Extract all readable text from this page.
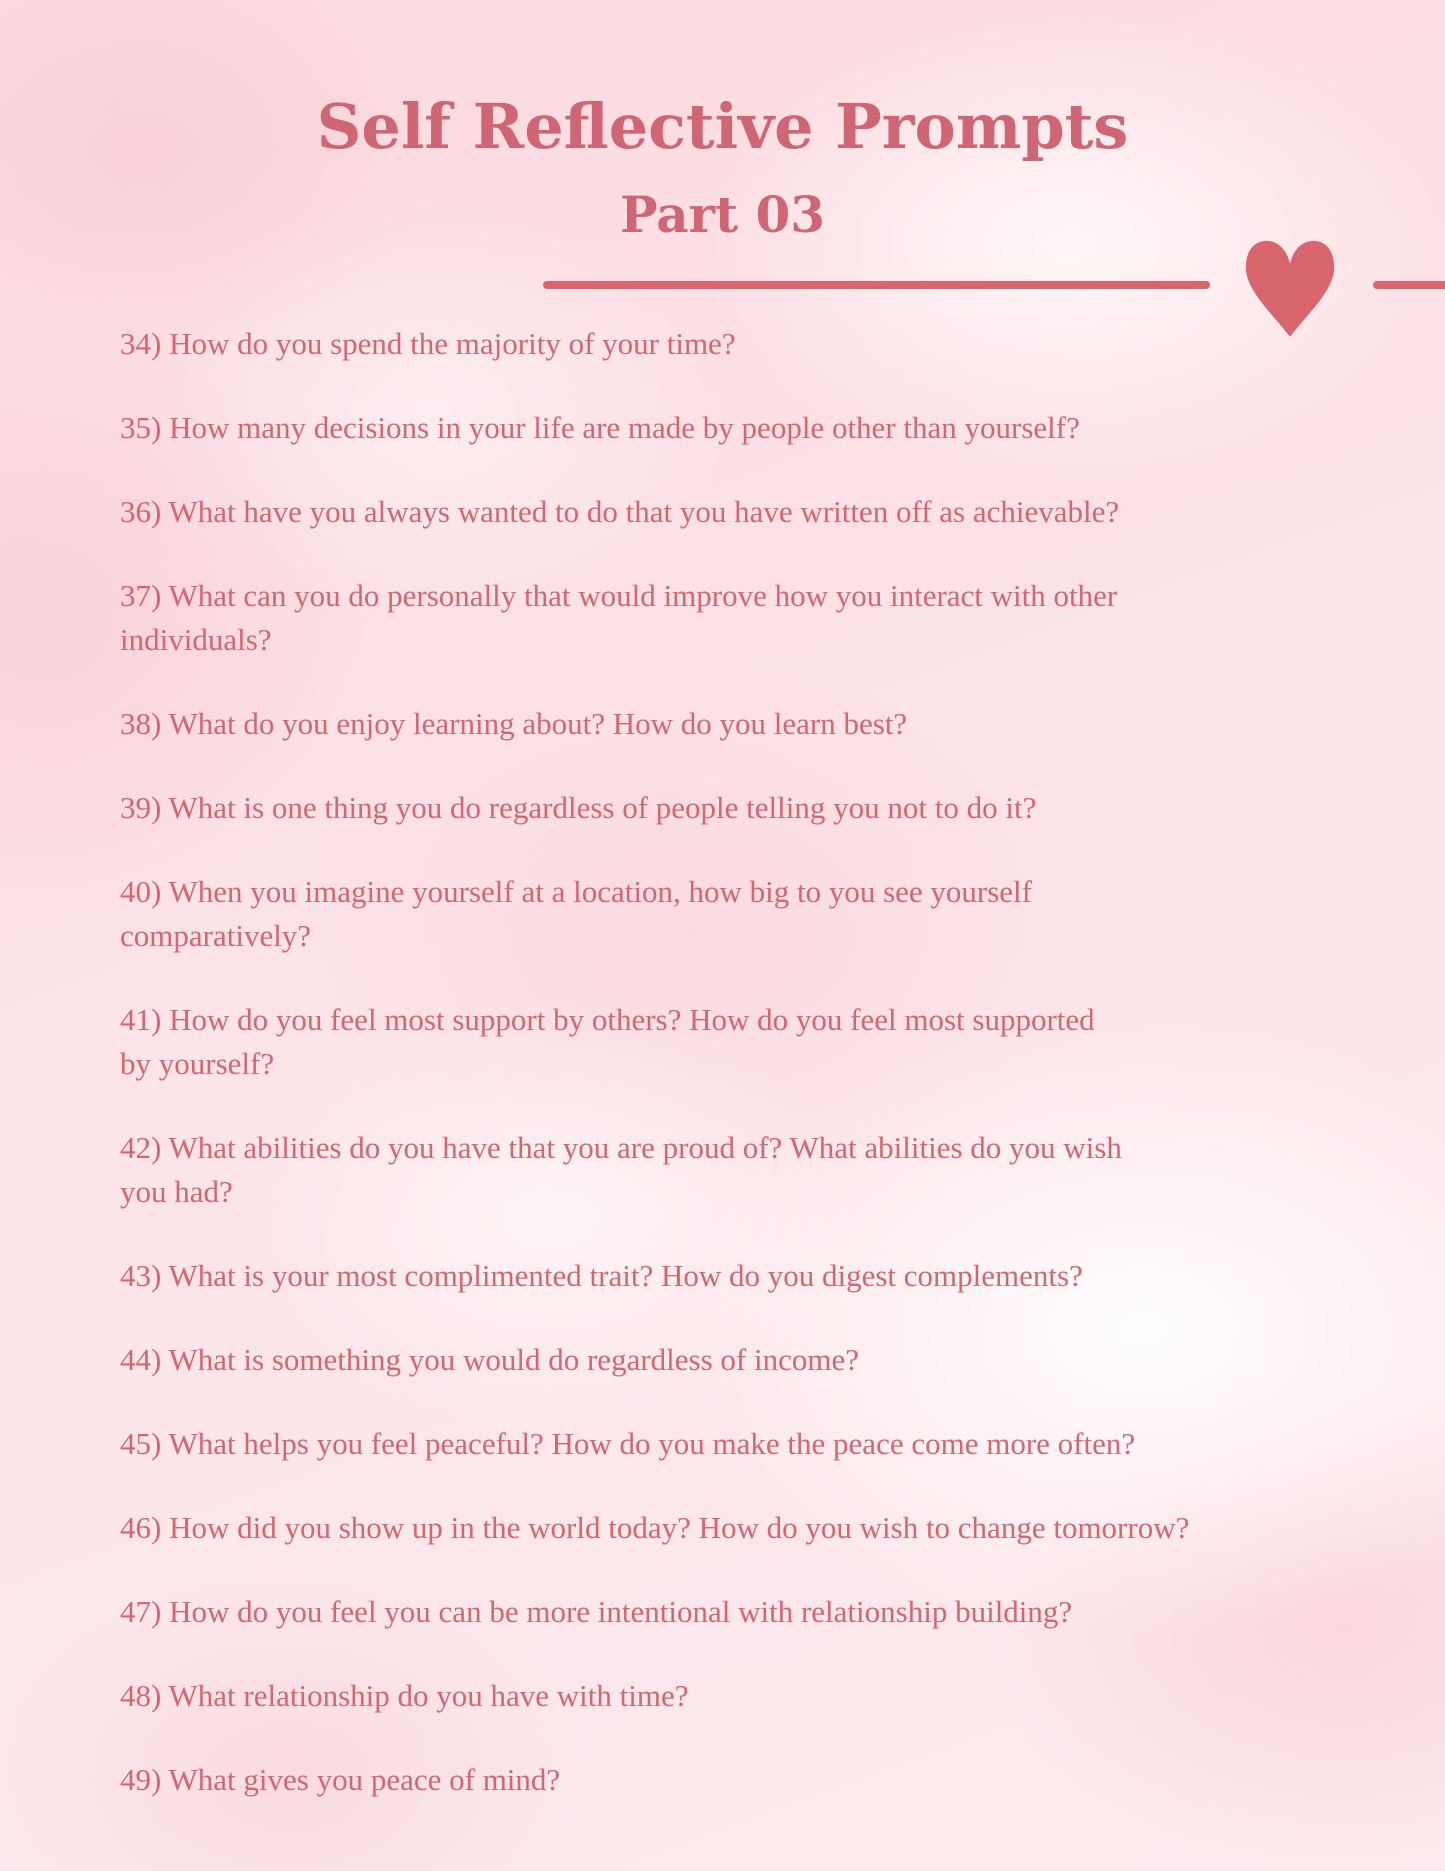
Self Reflective Prompts
Part 03
34) How do you spend the majority of your time?
35) How many decisions in your life are made by people other than yourself?
36) What have you always wanted to do that you have written off as achievable?
37) What can you do personally that would improve how you interact with other
individuals?
38) What do you enjoy learning about? How do you learn best?
39) What is one thing you do regardless of people telling you not to do it?
40) When you imagine yourself at a location, how big to you see yourself
comparatively?
41) How do you feel most support by others? How do you feel most supported
by yourself?
42) What abilities do you have that you are proud of? What abilities do you wish
you had?
43) What is your most complimented trait? How do you digest complements?
44) What is something you would do regardless of income?
45) What helps you feel peaceful? How do you make the peace come more often?
46) How did you show up in the world today? How do you wish to change tomorrow?
47) How do you feel you can be more intentional with relationship building?
48) What relationship do you have with time?
49) What gives you peace of mind?
